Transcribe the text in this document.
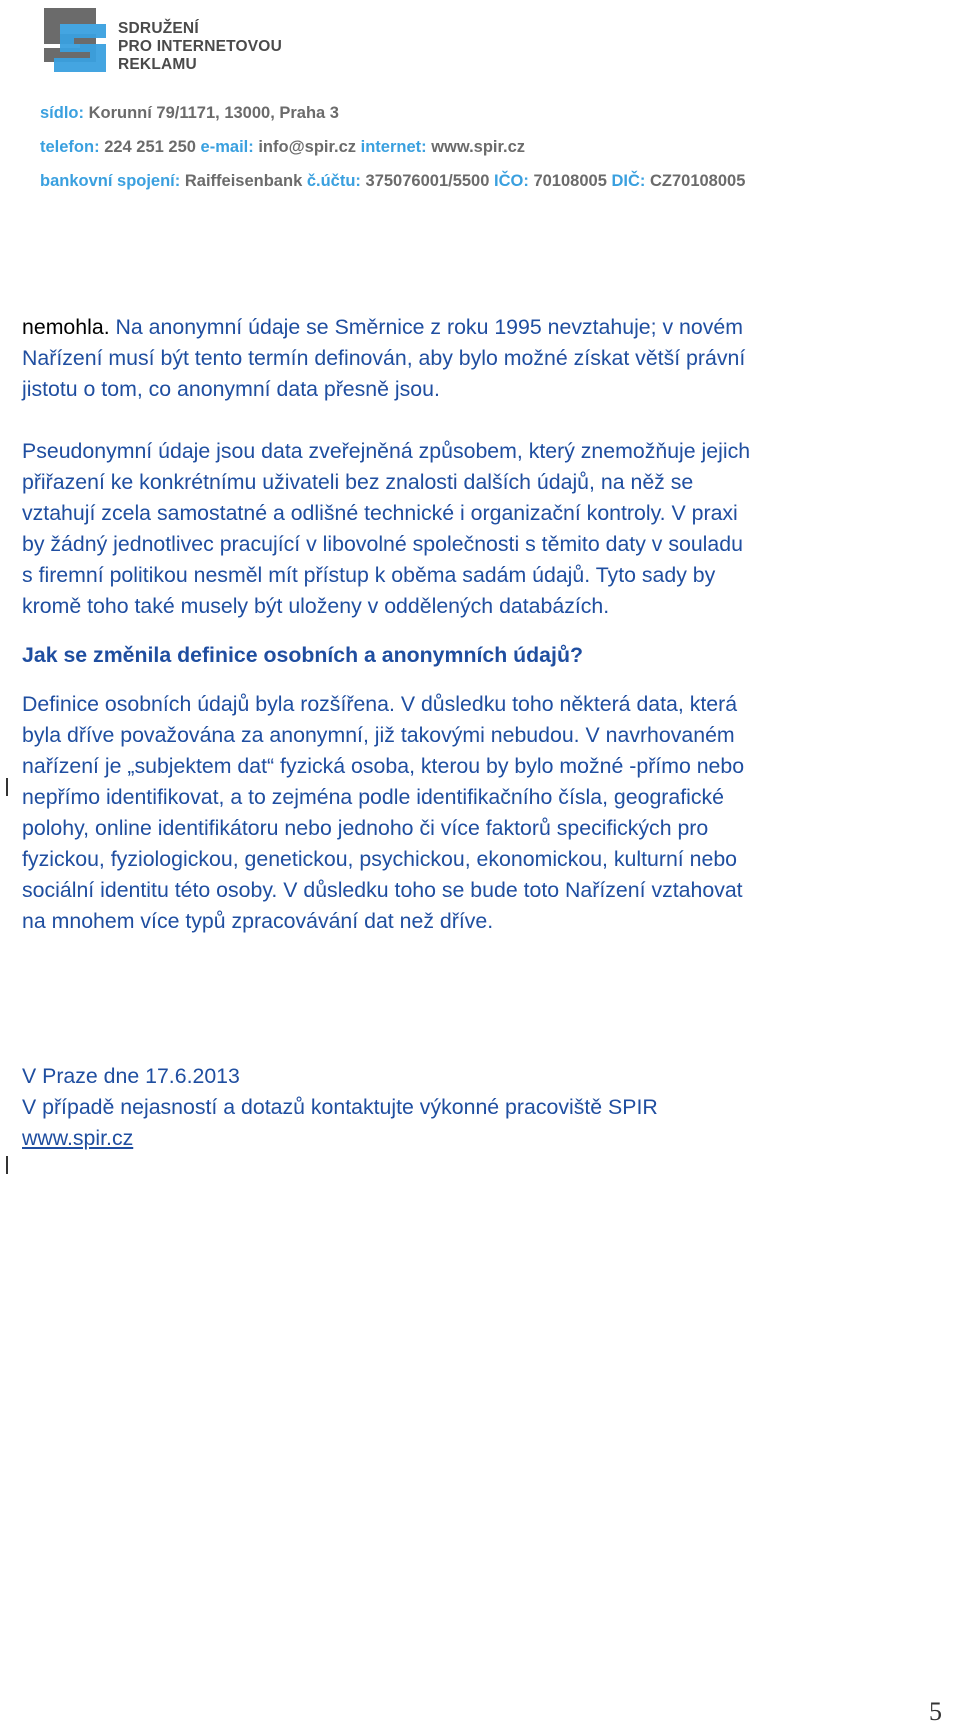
SDRUŽENÍ
PRO INTERNETOVOU
REKLAMU
sídlo: Korunní 79/1171, 13000, Praha 3
telefon: 224 251 250 e-mail: info@spir.cz internet: www.spir.cz
bankovní spojení: Raiffeisenbank č.účtu: 375076001/5500 IČO: 70108005 DIČ: CZ70108005

nemohla. Na anonymní údaje se Směrnice z roku 1995 nevztahuje; v novém
Nařízení musí být tento termín definován, aby bylo možné získat větší právní
jistotu o tom, co anonymní data přesně jsou.

Pseudonymní údaje jsou data zveřejněná způsobem, který znemožňuje jejich
přiřazení ke konkrétnímu uživateli bez znalosti dalších údajů, na něž se
vztahují zcela samostatné a odlišné technické i organizační kontroly. V praxi
by žádný jednotlivec pracující v libovolné společnosti s těmito daty v souladu
s firemní politikou nesměl mít přístup k oběma sadám údajů. Tyto sady by
kromě toho také musely být uloženy v oddělených databázích.

Jak se změnila definice osobních a anonymních údajů?

Definice osobních údajů byla rozšířena. V důsledku toho některá data, která
byla dříve považována za anonymní, již takovými nebudou. V navrhovaném
nařízení je „subjektem dat“ fyzická osoba, kterou by bylo možné -přímo nebo
nepřímo identifikovat, a to zejména podle identifikačního čísla, geografické
polohy, online identifikátoru nebo jednoho či více faktorů specifických pro
fyzickou, fyziologickou, genetickou, psychickou, ekonomickou, kulturní nebo
sociální identitu této osoby. V důsledku toho se bude toto Nařízení vztahovat
na mnohem více typů zpracovávání dat než dříve.

V Praze dne 17.6.2013

V případě nejasností a dotazů kontaktujte výkonné pracoviště SPIR

www.spir.cz

5
